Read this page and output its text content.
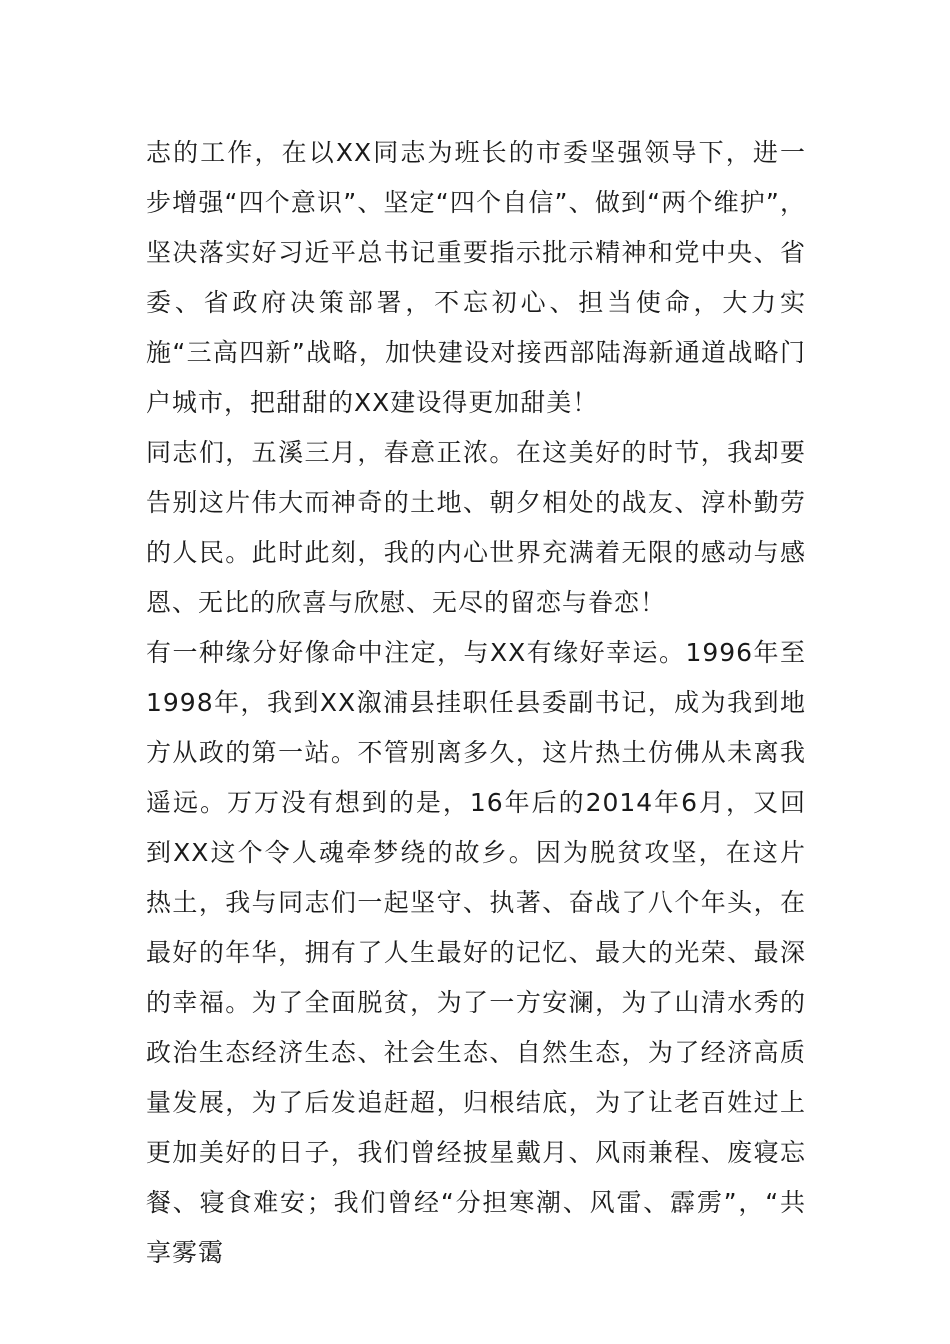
志的工作，在以XX同志为班长的市委坚强领导下，进一步增强“四个意识”、坚定“四个自信”、做到“两个维护”，坚决落实好习近平总书记重要指示批示精神和党中央、省委、省政府决策部署，不忘初心、担当使命，大力实施“三高四新”战略，加快建设对接西部陆海新通道战略门户城市，把甜甜的XX建设得更加甜美！

同志们，五溪三月，春意正浓。在这美好的时节，我却要告别这片伟大而神奇的土地、朝夕相处的战友、淳朴勤劳的人民。此时此刻，我的内心世界充满着无限的感动与感恩、无比的欣喜与欣慰、无尽的留恋与眷恋！

有一种缘分好像命中注定，与XX有缘好幸运。1996年至1998年，我到XX溆浦县挂职任县委副书记，成为我到地方从政的第一站。不管别离多久，这片热土仿佛从未离我遥远。万万没有想到的是，16年后的2014年6月，又回到XX这个令人魂牵梦绕的故乡。因为脱贫攻坚，在这片热土，我与同志们一起坚守、执著、奋战了八个年头，在最好的年华，拥有了人生最好的记忆、最大的光荣、最深的幸福。为了全面脱贫，为了一方安澜，为了山清水秀的政治生态经济生态、社会生态、自然生态，为了经济高质量发展，为了后发追赶超，归根结底，为了让老百姓过上更加美好的日子，我们曾经披星戴月、风雨兼程、废寝忘餐、寝食难安；我们曾经“分担寒潮、风雷、霹雳”，“共享雾霭
